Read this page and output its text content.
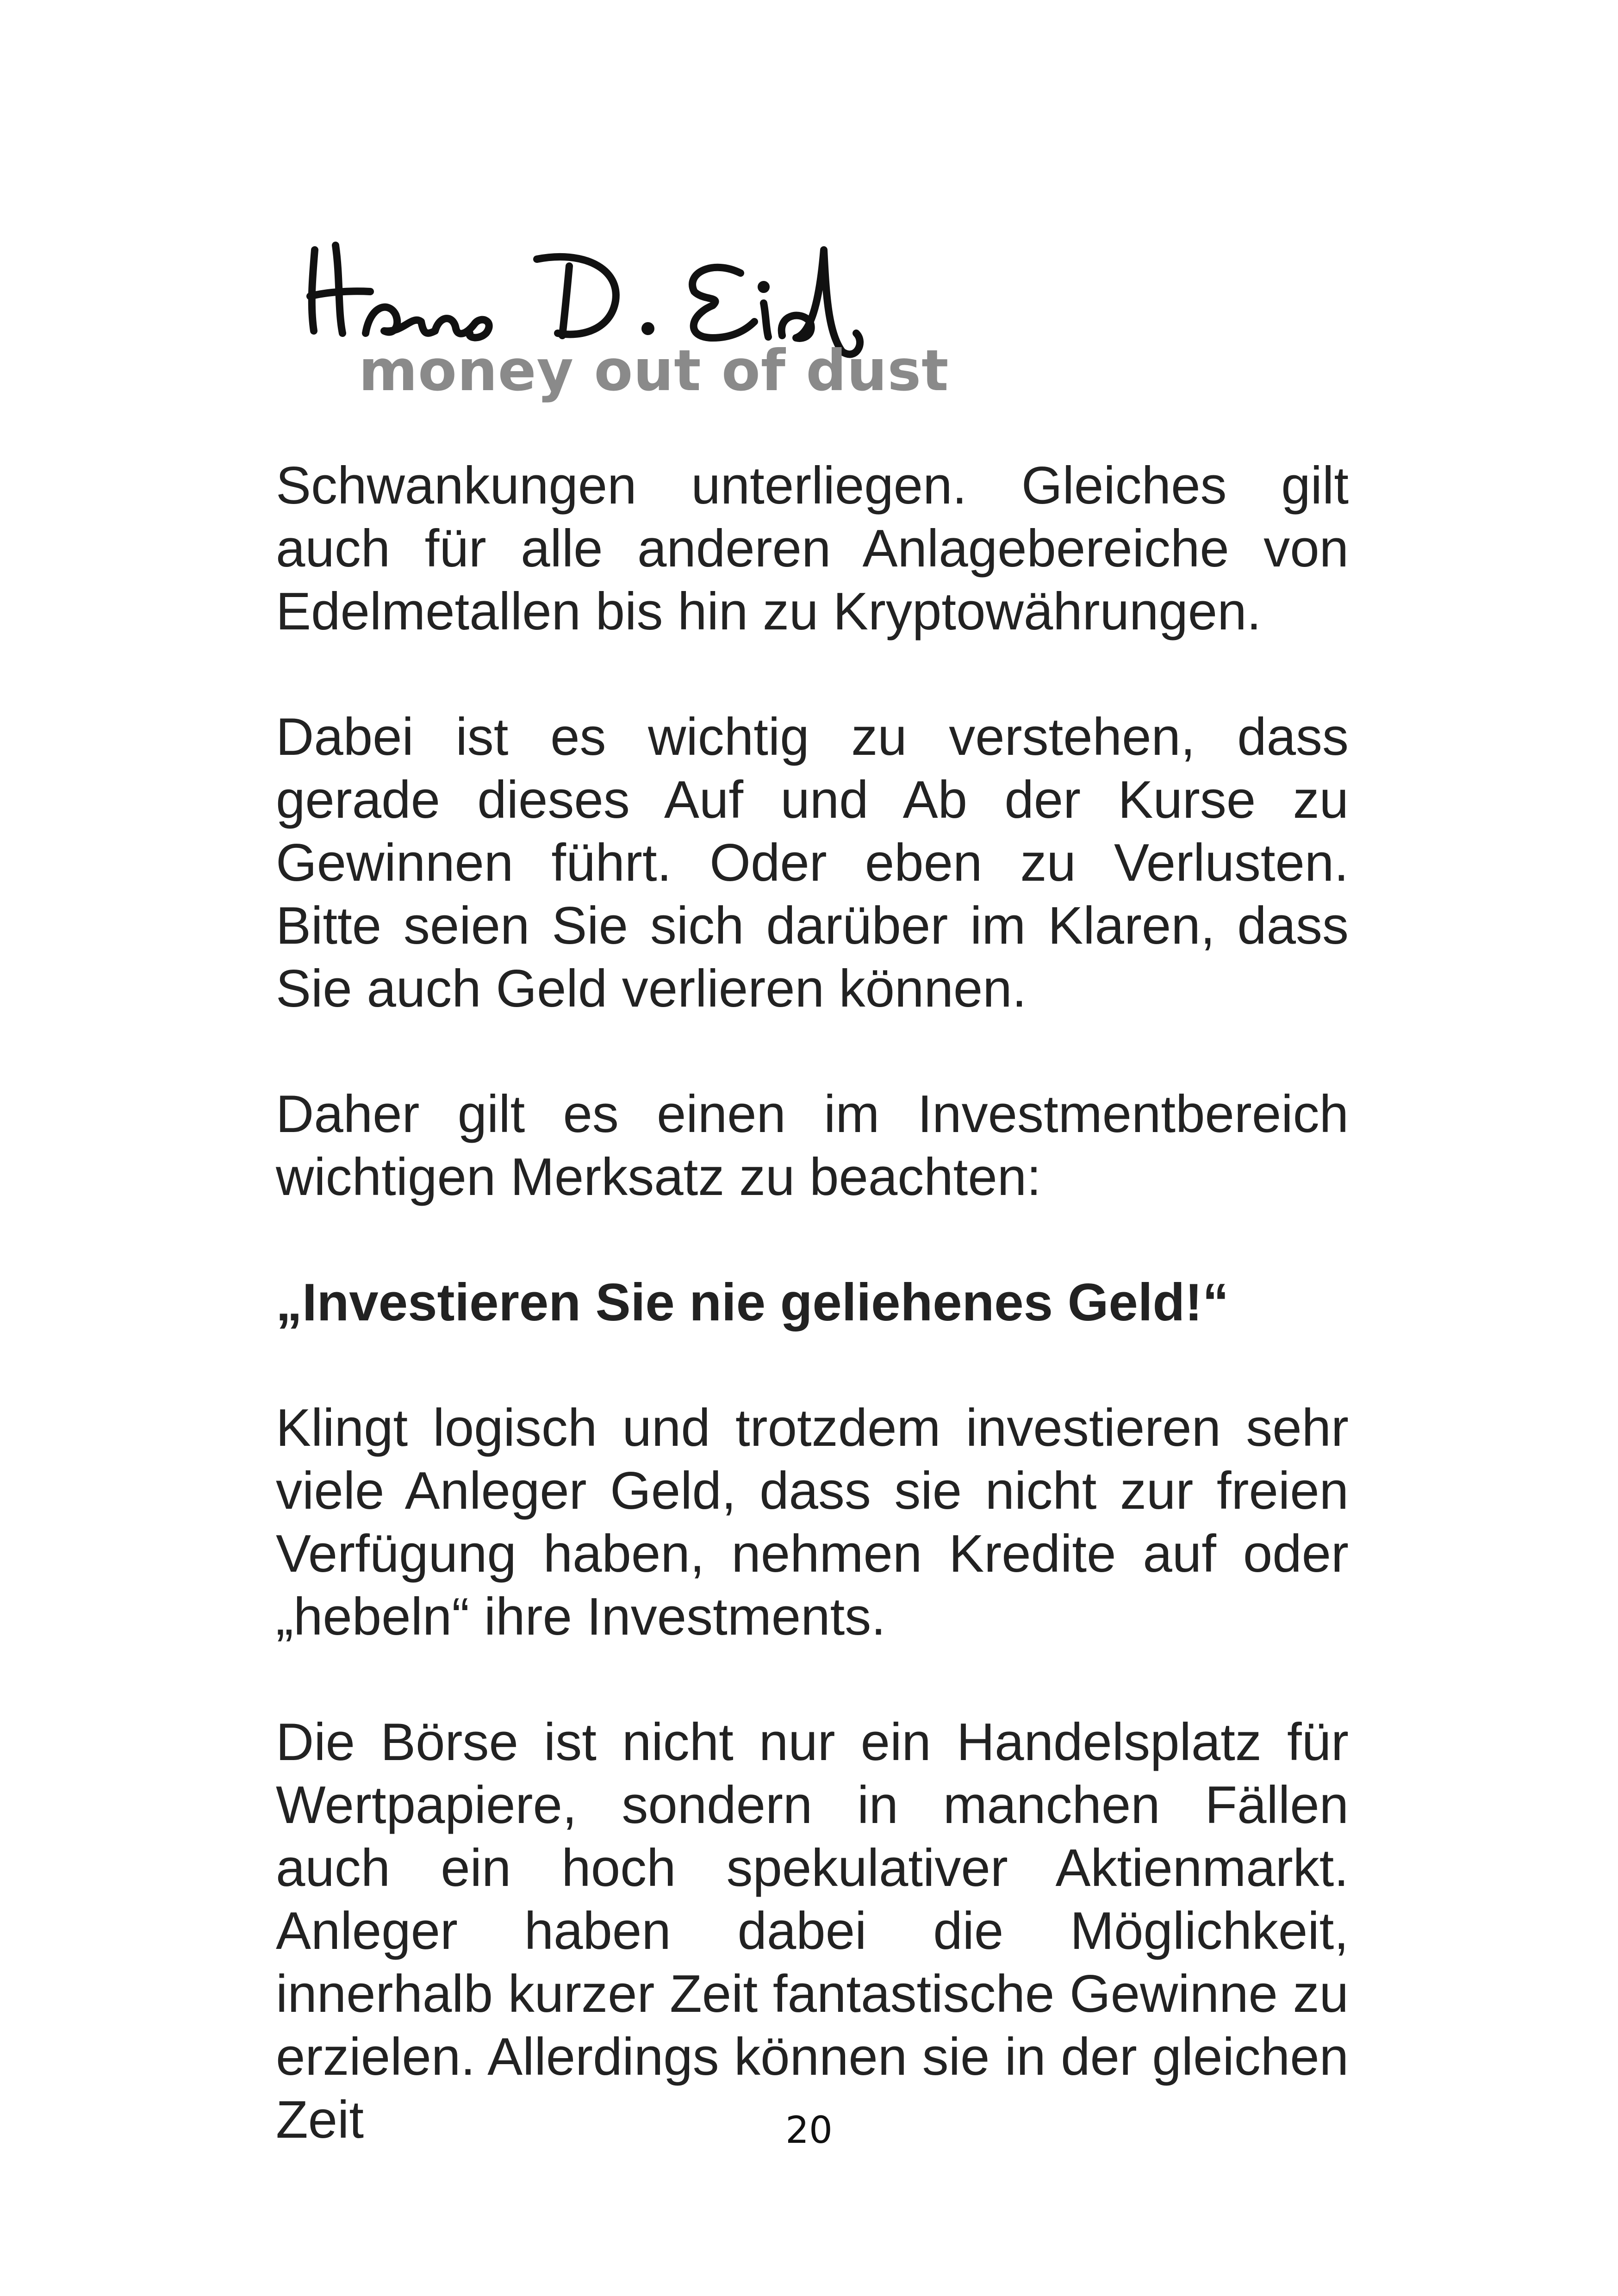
money out of dust

Schwankungen unterliegen. Gleiches gilt auch für alle anderen Anlagebereiche von Edelmetallen bis hin zu Kryptowährungen.

Dabei ist es wichtig zu verstehen, dass gerade dieses Auf und Ab der Kurse zu Gewinnen führt. Oder eben zu Verlusten. Bitte seien Sie sich darüber im Klaren, dass Sie auch Geld verlieren können.

Daher gilt es einen im Investmentbereich wichtigen Merksatz zu beachten:

„Investieren Sie nie geliehenes Geld!“

Klingt logisch und trotzdem investieren sehr viele Anleger Geld, dass sie nicht zur freien Verfügung haben, nehmen Kredite auf oder „hebeln“ ihre Investments.

Die Börse ist nicht nur ein Handelsplatz für Wertpapiere, sondern in manchen Fällen auch ein hoch spekulativer Aktienmarkt. Anleger haben dabei die Möglichkeit, innerhalb kurzer Zeit fantastische Gewinne zu erzielen. Allerdings können sie in der gleichen Zeit	20
